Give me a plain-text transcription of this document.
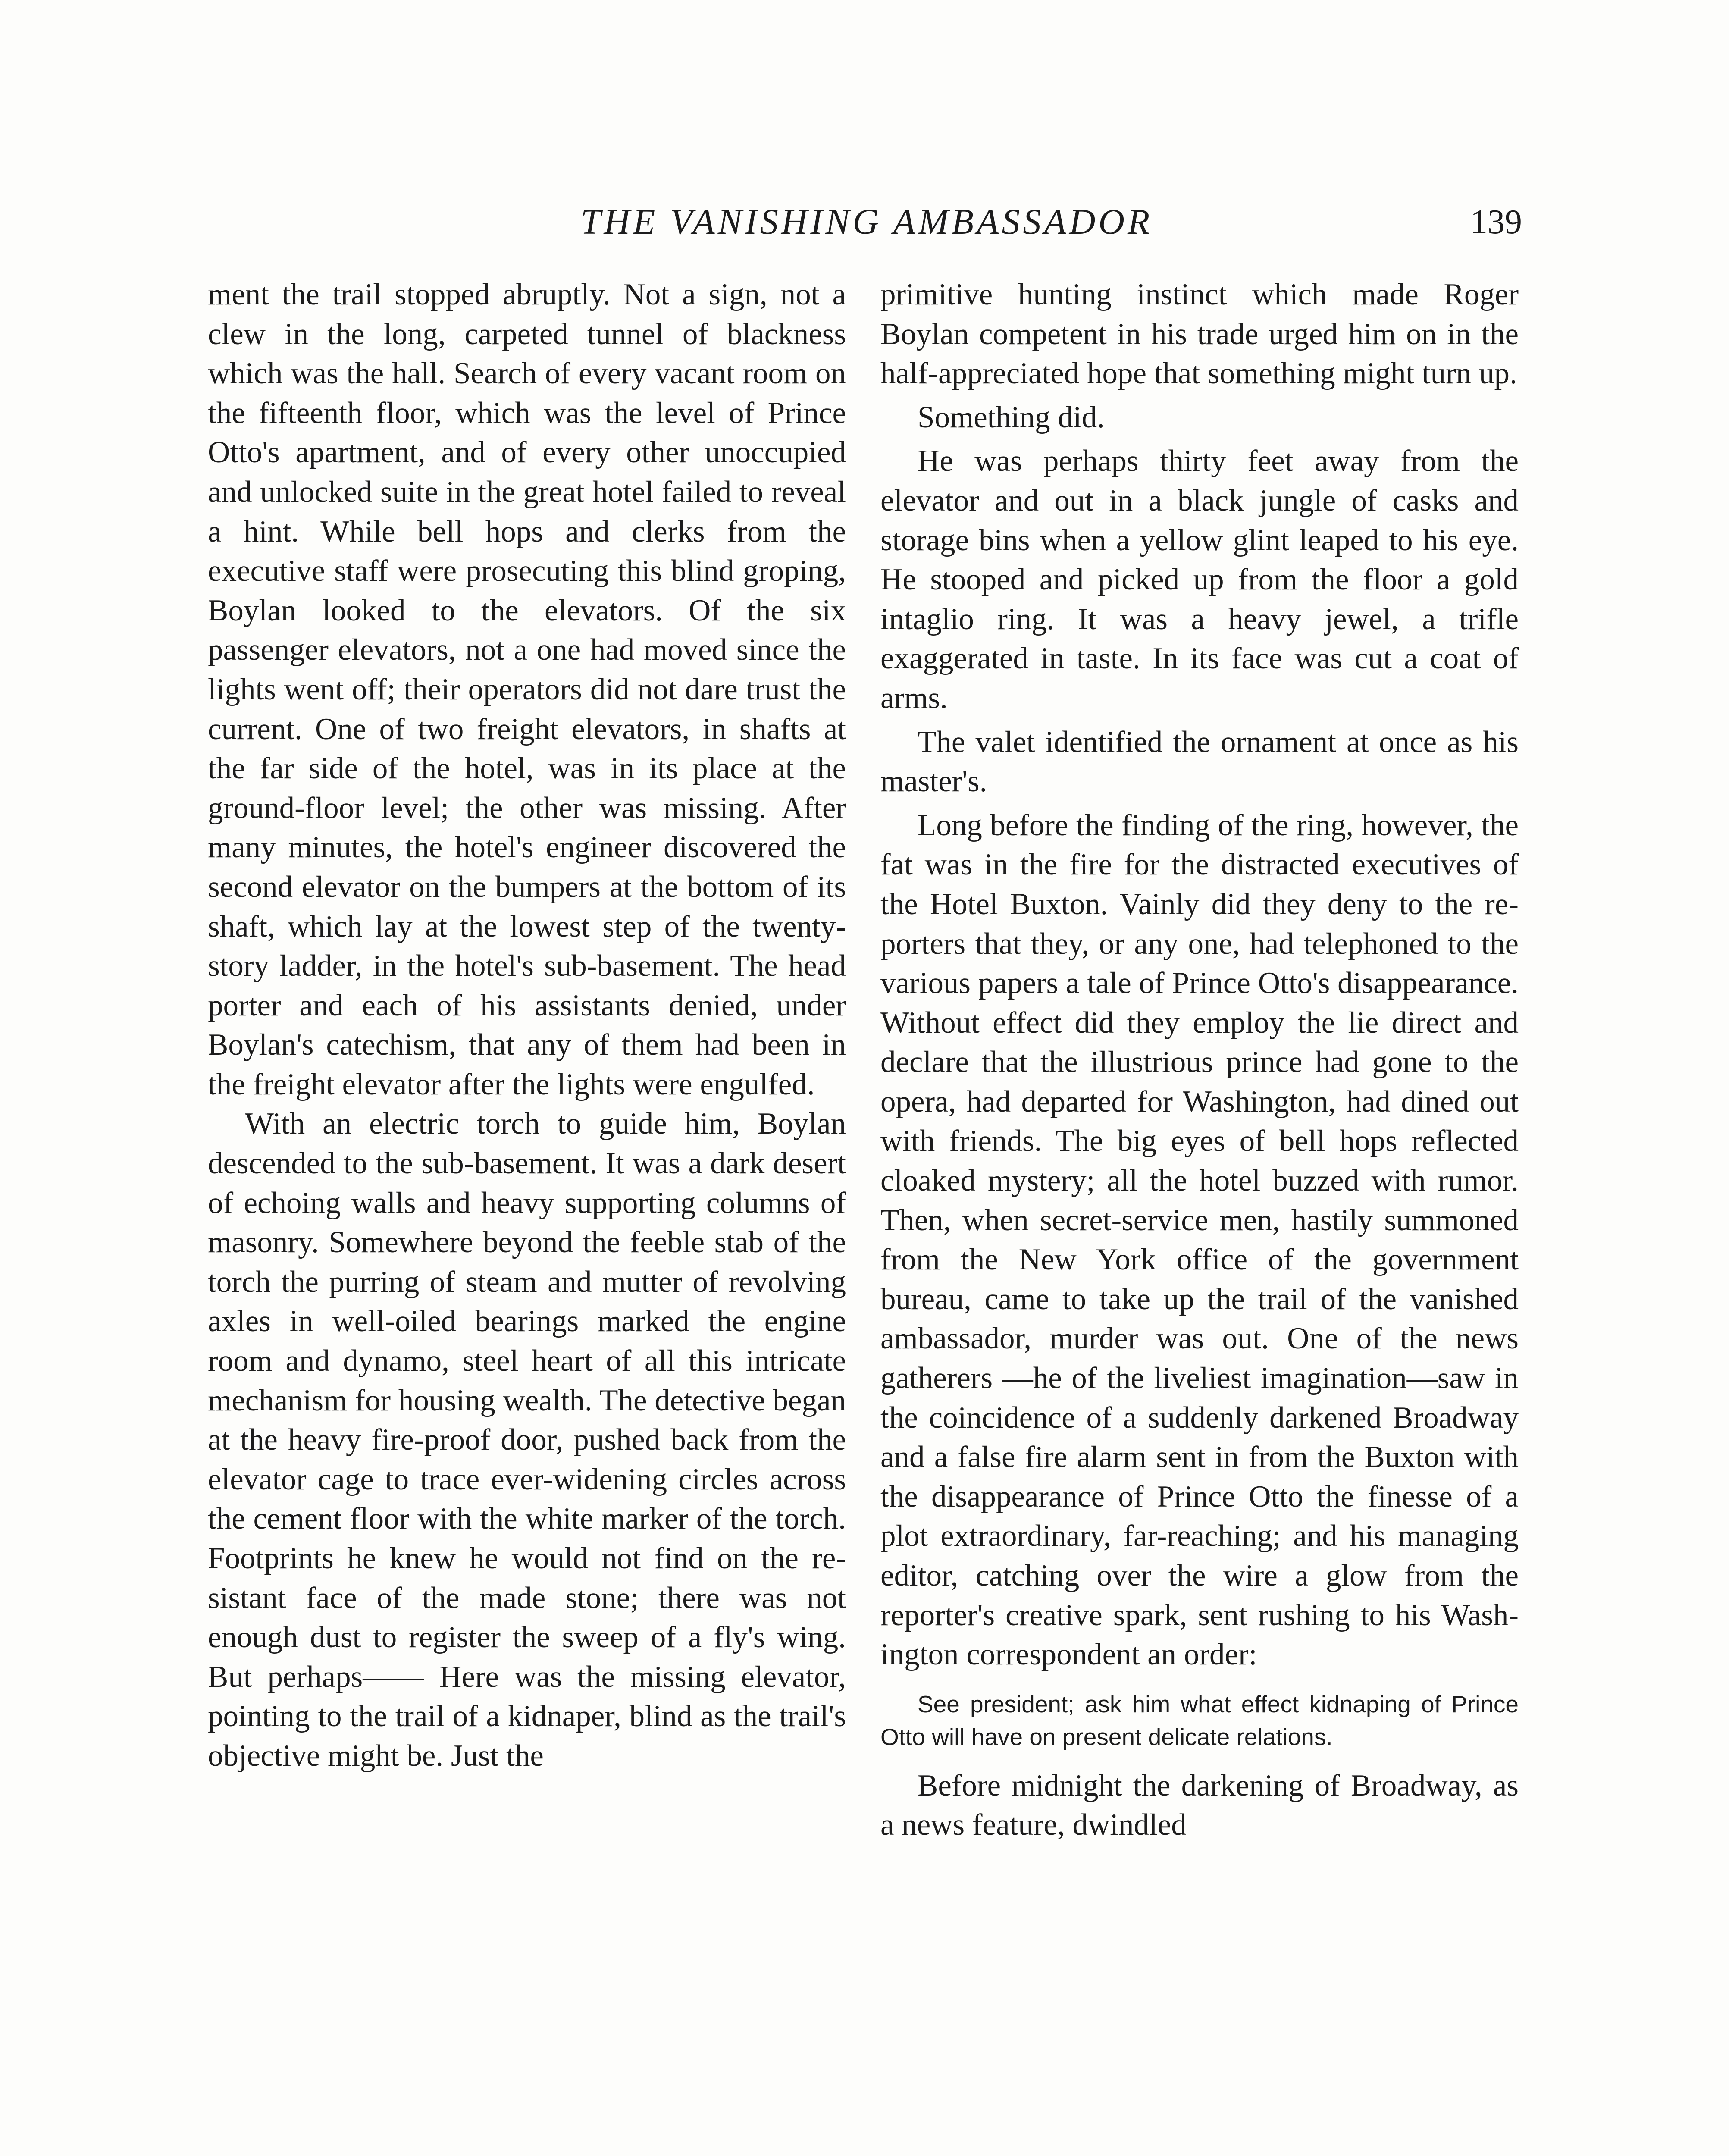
THE VANISHING AMBASSADOR	139

ment the trail stopped abruptly. Not a sign, not a clew in the long, carpeted tunnel of blackness which was the hall. Search of every vacant room on the fifteenth floor, which was the level of Prince Otto's apartment, and of every other unoccupied and unlocked suite in the great hotel failed to reveal a hint. While bell hops and clerks from the executive staff were prosecuting this blind groping, Boylan looked to the elevators. Of the six passenger elevators, not a one had moved since the lights went off; their operators did not dare trust the current. One of two freight elevators, in shafts at the far side of the hotel, was in its place at the ground-floor level; the other was missing. After many minutes, the hotel's engineer discovered the second elevator on the bumpers at the bottom of its shaft, which lay at the lowest step of the twenty-story ladder, in the hotel's sub-basement. The head porter and each of his assistants denied, under Boylan's catechism, that any of them had been in the freight elevator after the lights were engulfed.

With an electric torch to guide him, Boylan descended to the sub-basement. It was a dark desert of echoing walls and heavy supporting columns of masonry. Somewhere beyond the feeble stab of the torch the purring of steam and mutter of revolving axles in well-oiled bearings marked the engine room and dynamo, steel heart of all this intricate mechanism for housing wealth. The detective began at the heavy fire-proof door, pushed back from the elevator cage to trace ever-widening circles across the cement floor with the white marker of the torch. Footprints he knew he would not find on the resistant face of the made stone; there was not enough dust to register the sweep of a fly's wing. But perhaps—— Here was the missing elevator, pointing to the trail of a kidnaper, blind as the trail's objective might be. Just the

primitive hunting instinct which made Roger Boylan competent in his trade urged him on in the half-appreciated hope that something might turn up.

Something did.

He was perhaps thirty feet away from the elevator and out in a black jungle of casks and storage bins when a yellow glint leaped to his eye. He stooped and picked up from the floor a gold intaglio ring. It was a heavy jewel, a trifle exaggerated in taste. In its face was cut a coat of arms.

The valet identified the ornament at once as his master's.

Long before the finding of the ring, however, the fat was in the fire for the distracted executives of the Hotel Buxton. Vainly did they deny to the reporters that they, or any one, had telephoned to the various papers a tale of Prince Otto's disappearance. Without effect did they employ the lie direct and declare that the illustrious prince had gone to the opera, had departed for Washington, had dined out with friends. The big eyes of bell hops reflected cloaked mystery; all the hotel buzzed with rumor. Then, when secret-service men, hastily summoned from the New York office of the government bureau, came to take up the trail of the vanished ambassador, murder was out. One of the news gatherers —he of the liveliest imagination—saw in the coincidence of a suddenly darkened Broadway and a false fire alarm sent in from the Buxton with the disappearance of Prince Otto the finesse of a plot extraordinary, far-reaching; and his managing editor, catching over the wire a glow from the reporter's creative spark, sent rushing to his Washington correspondent an order:

See president; ask him what effect kidnaping of Prince Otto will have on present delicate relations.

Before midnight the darkening of Broadway, as a news feature, dwindled
